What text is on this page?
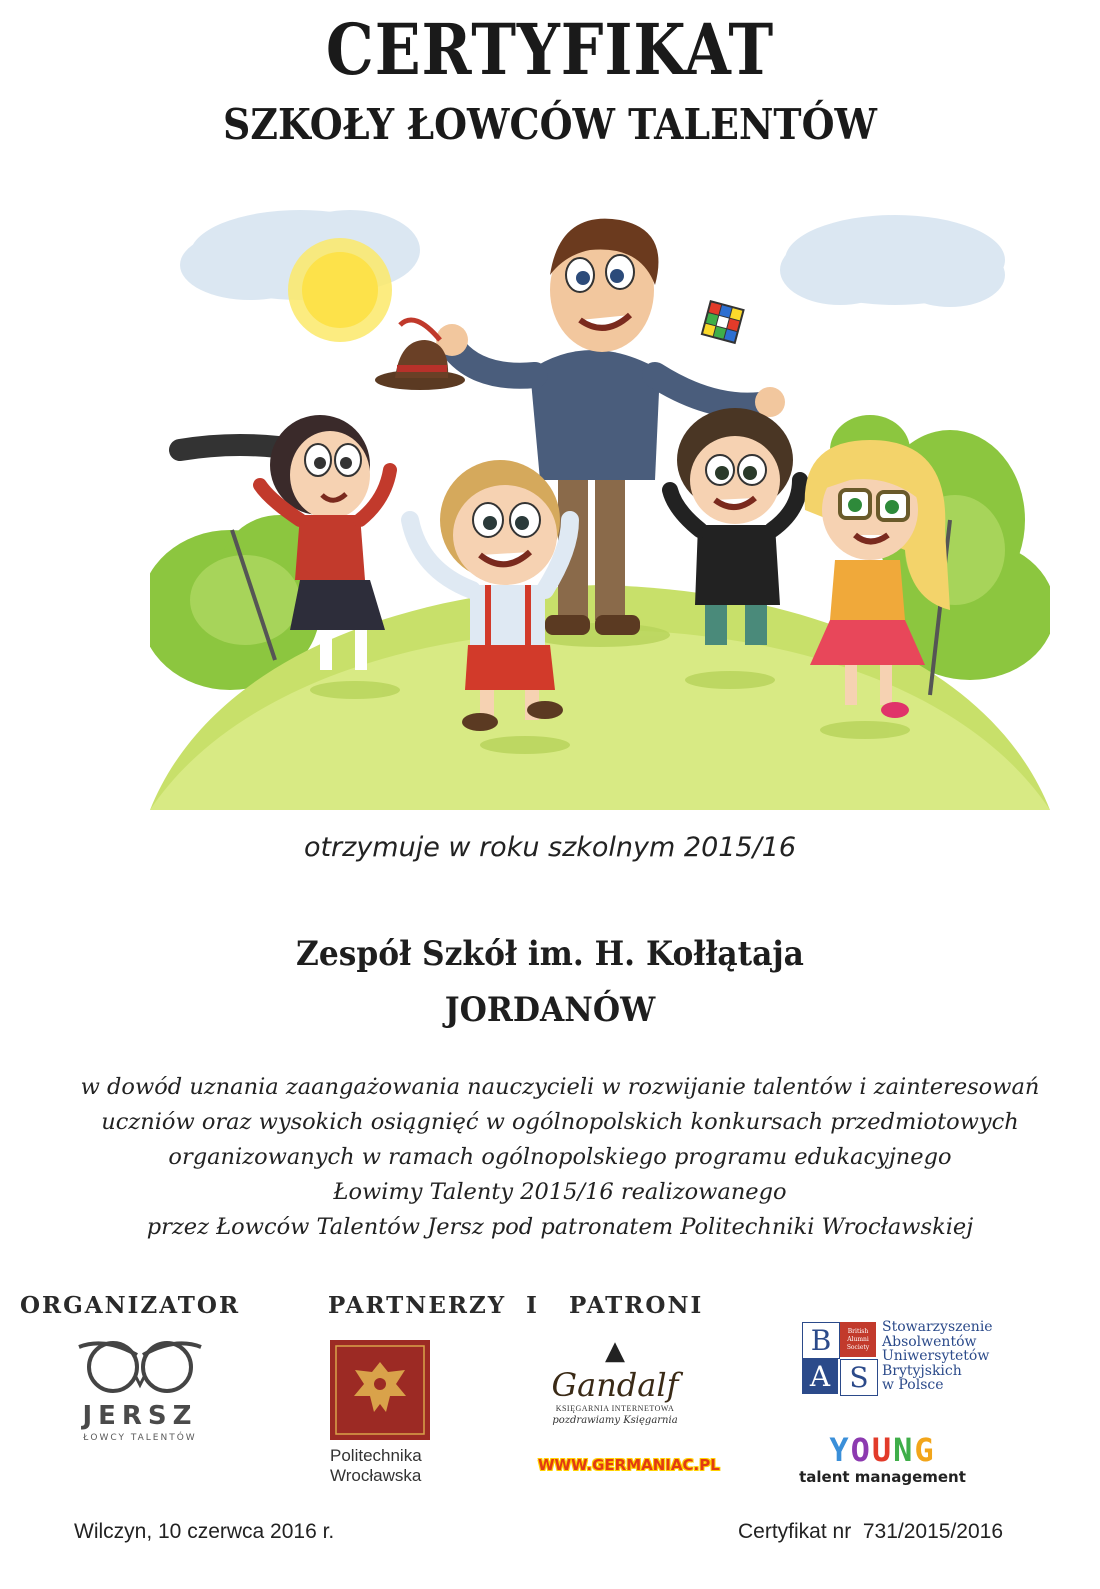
CERTYFIKAT
SZKOŁY ŁOWCÓW TALENTÓW
otrzymuje w roku szkolnym 2015/16
Zespół Szkół im. H. Kołłątaja
JORDANÓW
w dowód uznania zaangażowania nauczycieli w rozwijanie talentów i zainteresowań
uczniów oraz wysokich osiągnięć w ogólnopolskich konkursach przedmiotowych
organizowanych w ramach ogólnopolskiego programu edukacyjnego
Łowimy Talenty 2015/16 realizowanego
przez Łowców Talentów Jersz pod patronatem Politechniki Wrocławskiej
ORGANIZATOR	PARTNERZY  I   PATRONI
JERSZ
ŁOWCY TALENTÓW
Politechnika
Wrocławska
▲ Gandalf
KSIĘGARNIA INTERNETOWA
pozdrawiamy Księgarnia
WWW.GERMANIAC.PL
B	British Alumni Society
A S
Stowarzyszenie
Absolwentów
Uniwersytetów
Brytyjskich
w Polsce
YOUNG
talent management
Wilczyn, 10 czerwca 2016 r.	Certyfikat nr  731/2015/2016
